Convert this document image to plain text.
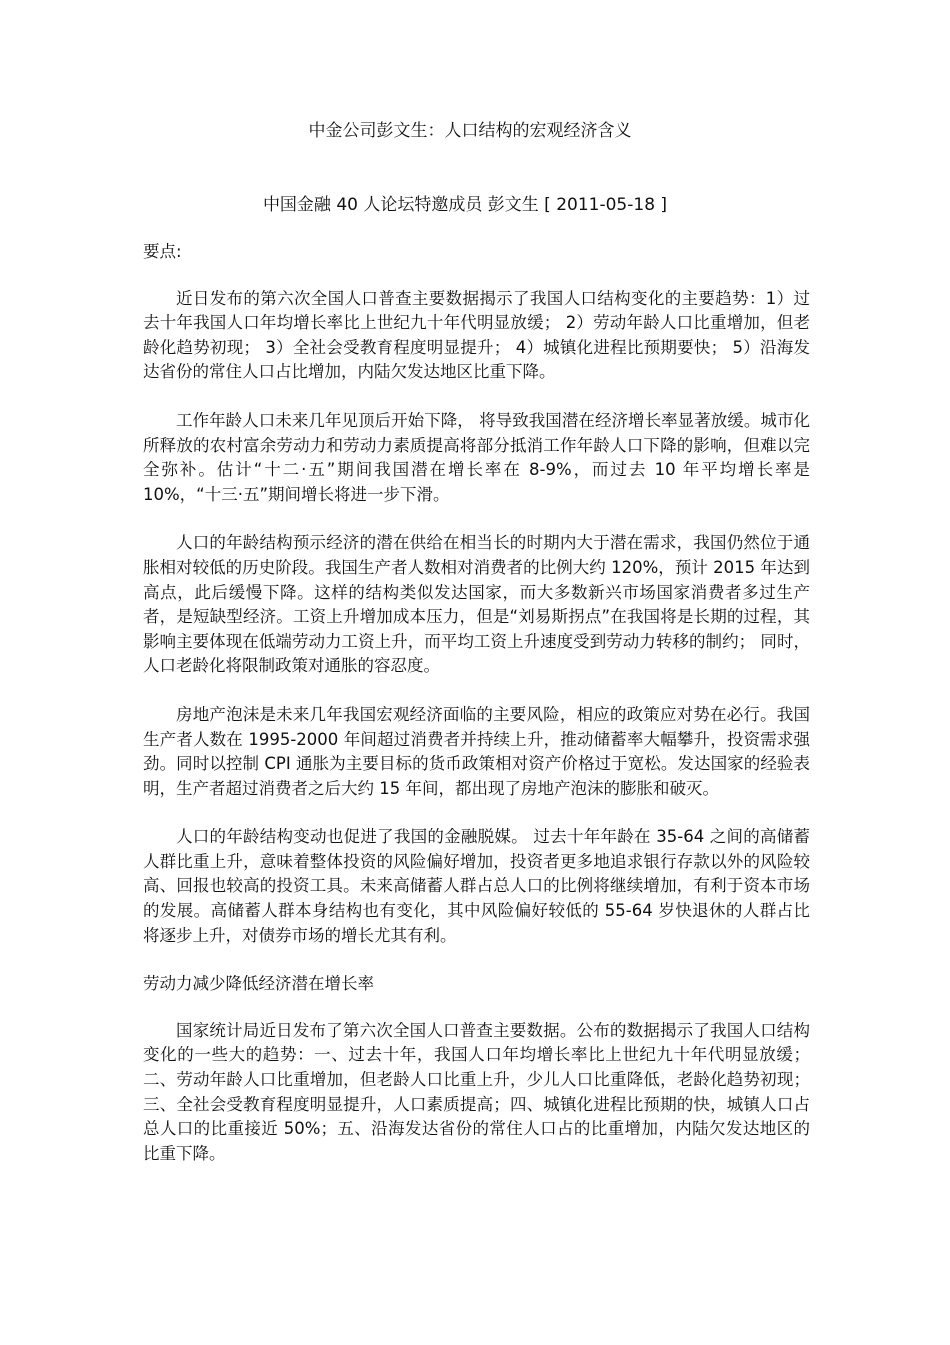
中金公司彭文生：人口结构的宏观经济含义
中国金融 40 人论坛特邀成员 彭文生 [ 2011-05-18 ]

要点:

近日发布的第六次全国人口普查主要数据揭示了我国人口结构变化的主要趋势：1）过去十年我国人口年均增长率比上世纪九十年代明显放缓； 2）劳动年龄人口比重增加，但老龄化趋势初现； 3）全社会受教育程度明显提升； 4）城镇化进程比预期要快； 5）沿海发达省份的常住人口占比增加，内陆欠发达地区比重下降。

工作年龄人口未来几年见顶后开始下降， 将导致我国潜在经济增长率显著放缓。城市化所释放的农村富余劳动力和劳动力素质提高将部分抵消工作年龄人口下降的影响，但难以完全弥补。估计“十二·五”期间我国潜在增长率在 8-9%，而过去 10 年平均增长率是 10%，“十三·五”期间增长将进一步下滑。

人口的年龄结构预示经济的潜在供给在相当长的时期内大于潜在需求，我国仍然位于通胀相对较低的历史阶段。我国生产者人数相对消费者的比例大约 120%，预计 2015 年达到高点，此后缓慢下降。这样的结构类似发达国家，而大多数新兴市场国家消费者多过生产者，是短缺型经济。工资上升增加成本压力，但是“刘易斯拐点”在我国将是长期的过程，其影响主要体现在低端劳动力工资上升，而平均工资上升速度受到劳动力转移的制约； 同时，人口老龄化将限制政策对通胀的容忍度。

房地产泡沫是未来几年我国宏观经济面临的主要风险，相应的政策应对势在必行。我国生产者人数在 1995-2000 年间超过消费者并持续上升，推动储蓄率大幅攀升，投资需求强劲。同时以控制 CPI 通胀为主要目标的货币政策相对资产价格过于宽松。发达国家的经验表明，生产者超过消费者之后大约 15 年间，都出现了房地产泡沫的膨胀和破灭。

人口的年龄结构变动也促进了我国的金融脱媒。 过去十年年龄在 35-64 之间的高储蓄人群比重上升，意味着整体投资的风险偏好增加，投资者更多地追求银行存款以外的风险较高、回报也较高的投资工具。未来高储蓄人群占总人口的比例将继续增加，有利于资本市场的发展。高储蓄人群本身结构也有变化，其中风险偏好较低的 55-64 岁快退休的人群占比将逐步上升，对债券市场的增长尤其有利。

劳动力减少降低经济潜在增长率

国家统计局近日发布了第六次全国人口普查主要数据。公布的数据揭示了我国人口结构变化的一些大的趋势：一、过去十年，我国人口年均增长率比上世纪九十年代明显放缓；二、劳动年龄人口比重增加，但老龄人口比重上升，少儿人口比重降低，老龄化趋势初现；三、全社会受教育程度明显提升，人口素质提高；四、城镇化进程比预期的快，城镇人口占总人口的比重接近 50%；五、沿海发达省份的常住人口占的比重增加，内陆欠发达地区的比重下降。
